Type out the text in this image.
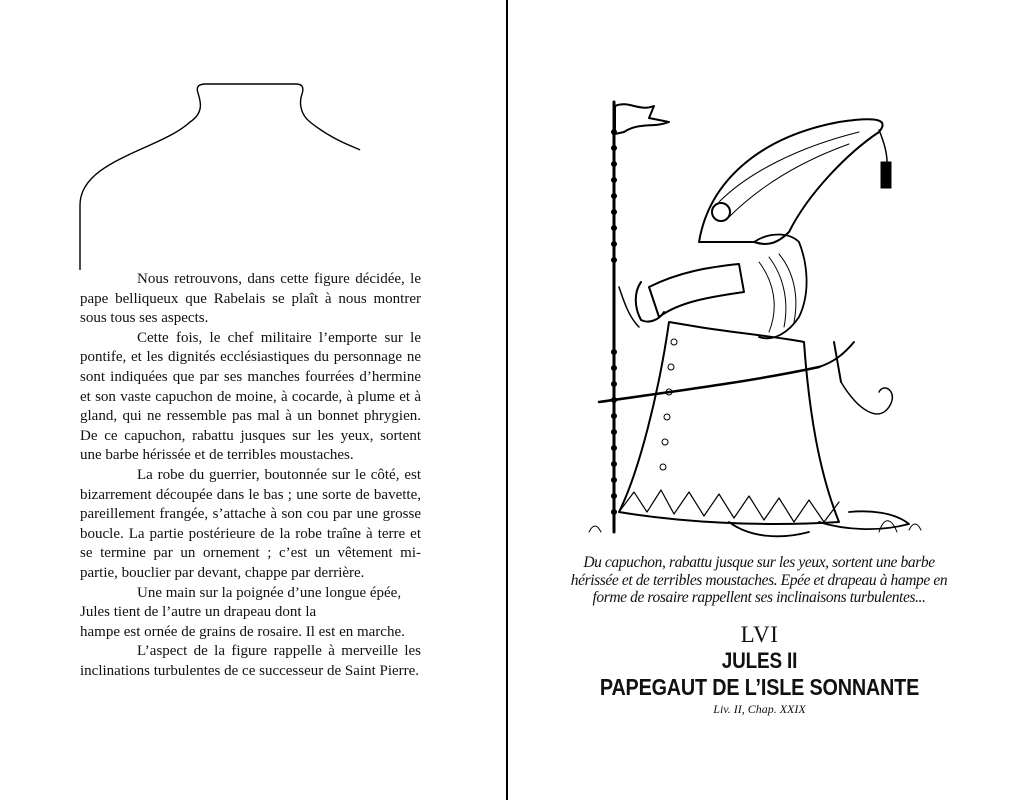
Nous retrouvons, dans cette figure décidée, le pape belliqueux que Rabelais se plaît à nous montrer sous tous ses aspects.

Cette fois, le chef militaire l’emporte sur le pontife, et les dignités ecclésiastiques du personnage ne sont indiquées que par ses manches fourrées d’hermine et son vaste capuchon de moine, à cocarde, à plume et à gland, qui ne ressemble pas mal à un bonnet phrygien. De ce capuchon, rabattu jusques sur les yeux, sortent une barbe hérissée et de terribles moustaches.

La robe du guerrier, boutonnée sur le côté, est bizarrement découpée dans le bas ; une sorte de bavette, pareillement frangée, s’attache à son cou par une grosse boucle. La partie postérieure de la robe traîne à terre et se termine par un ornement ; c’est un vêtement mi-partie, bouclier par devant, chappe par derrière.

Une main sur la poignée d’une longue épée, Jules tient de l’autre un drapeau dont la
hampe est ornée de grains de rosaire. Il est en marche.

L’aspect de la figure rappelle à merveille les inclinations turbulentes de ce successeur de Saint Pierre.

Du capuchon, rabattu jusque sur les yeux, sortent une barbe hérissée et de terribles moustaches. Epée et drapeau à hampe en forme de rosaire rappellent ses inclinaisons turbulentes...
LVI
JULES II
PAPEGAUT DE L’ISLE SONNANTE
Liv. II, Chap. XXIX
